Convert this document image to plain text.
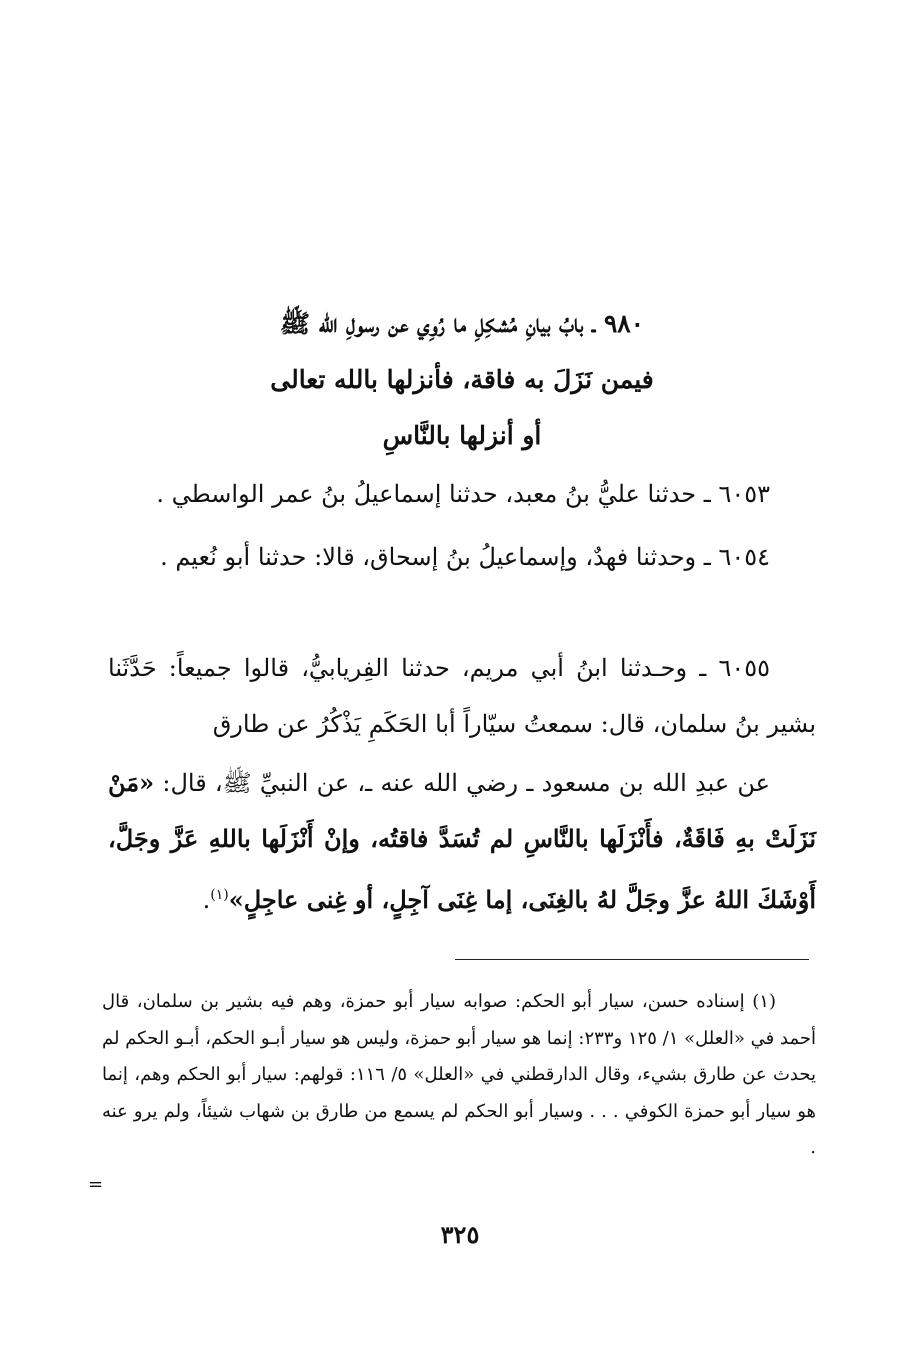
٩٨٠ ـ بابُ بيانِ مُشكِلِ ما رُوِي عن رسولِ الله ﷺ
فيمن نَزَلَ به فاقة، فأنزلها بالله تعالى
أو أنزلها بالنَّاسِ

٦٠٥٣ ـ حدثنا عليُّ بنُ معبد، حدثنا إسماعيلُ بنُ عمر الواسطي .

٦٠٥٤ ـ وحدثنا فهدٌ، وإسماعيلُ بنُ إسحاق، قالا: حدثنا أبو نُعيم .

٦٠٥٥ ـ وحـدثنا ابنُ أبي مريم، حدثنا الفِريابيُّ، قالوا جميعاً: حَدَّثَنا بشير بنُ سلمان، قال: سمعتُ سيّاراً أبا الحَكَمِ يَذْكُرُ عن طارق

عن عبدِ الله بن مسعود ـ رضي الله عنه ـ، عن النبيِّ ﷺ، قال: «مَنْ نَزَلَتْ بهِ فَاقَةٌ، فأَنْزَلَها بالنَّاسِ لم تُسَدَّ فاقتُه، وإنْ أَنْزَلَها باللهِ عَزَّ وجَلَّ، أَوْشَكَ اللهُ عزَّ وجَلَّ لهُ بالغِنَى، إما غِنَى آجِلٍ، أو غِنى عاجِلٍ»$^{(١)}$.

(١) إسناده حسن، سيار أبو الحكم: صوابه سيار أبو حمزة، وهم فيه بشير بن سلمان، قال أحمد في «العلل» ١/ ١٢٥ و٢٣٣: إنما هو سيار أبو حمزة، وليس هو سيار أبـو الحكم، أبـو الحكم لم يحدث عن طارق بشيء، وقال الدارقطني في «العلل» ٥/ ١١٦: قولهم: سيار أبو الحكم وهم، إنما هو سيار أبو حمزة الكوفي . . . وسيار أبو الحكم لم يسمع من طارق بن شهاب شيئاً، ولم يرو عنه .

=
٣٢٥
